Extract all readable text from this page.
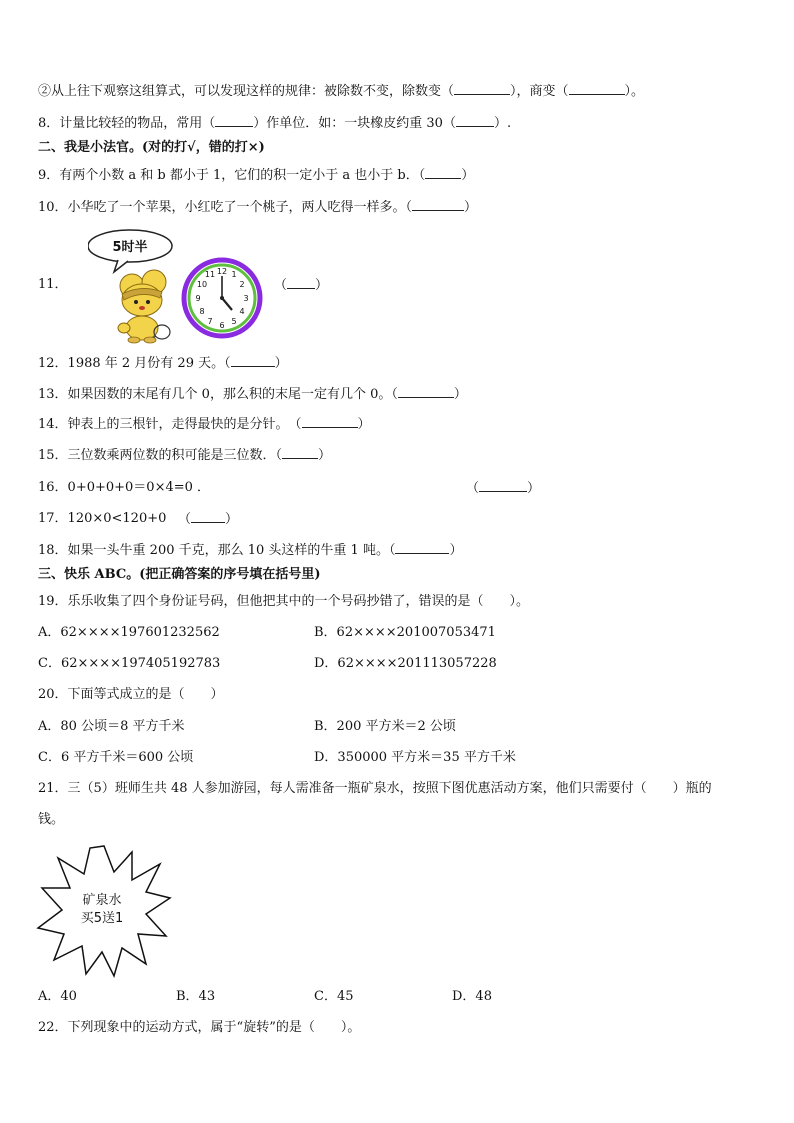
②从上往下观察这组算式，可以发现这样的规律：被除数不变，除数变（	），商变（	）。
8．计量比较轻的物品，常用（	）作单位．如：一块橡皮约重 30（	）.
二、我是小法官。(对的打√，错的打×)
9．有两个小数 a 和 b 都小于 1，它们的积一定小于 a 也小于 b．（	）
10．小华吃了一个苹果，小红吃了一个桃子，两人吃得一样多。（	）
11．
5时半
12 1
2
3
4
5
6
7
8
9
10
11
（ ）
12．1988 年 2 月份有 29 天。（	）
13．如果因数的末尾有几个 0，那么积的末尾一定有几个 0。（	）
14．钟表上的三根针，走得最快的是分针。　（	）
15．三位数乘两位数的积可能是三位数．（	）
16．0+0+0+0＝0×4=0 ．	（	）
17．120×0<120+0 （	）
18．如果一头牛重 200 千克，那么 10 头这样的牛重 1 吨。（	）
三、快乐 ABC。(把正确答案的序号填在括号里)
19．乐乐收集了四个身份证号码，但他把其中的一个号码抄错了，错误的是（　　）。
A．62××××197601232562	B．62××××201007053471
C．62××××197405192783	D．62××××201113057228
20．下面等式成立的是（　　）
A．80 公顷＝8 平方千米	B．200 平方米＝2 公顷
C．6 平方千米＝600 公顷	D．350000 平方米＝35 平方千米
21．三（5）班师生共 48 人参加游园，每人需准备一瓶矿泉水，按照下图优惠活动方案，他们只需要付（　　）瓶的
钱。
矿泉水
买5送1
A．40	B．43	C．45	D．48
22．下列现象中的运动方式，属于“旋转”的是（　　）。
